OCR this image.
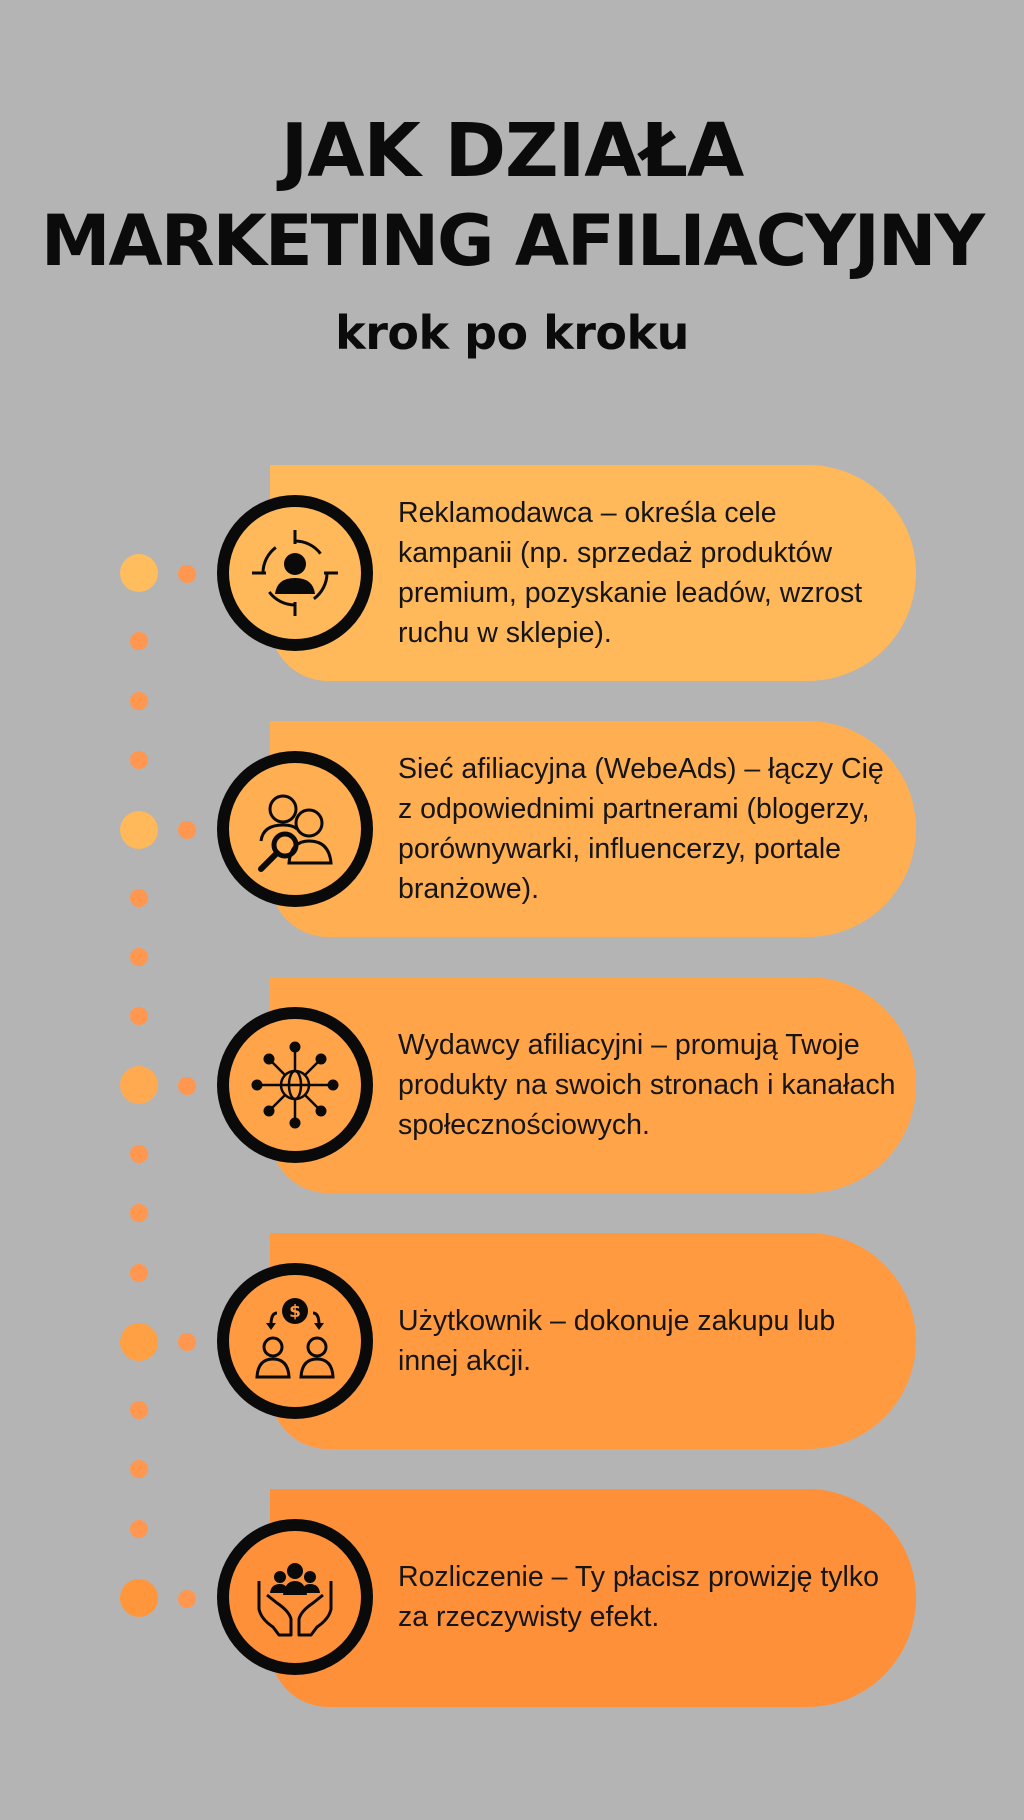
JAK DZIAŁA
MARKETING AFILIACYJNY
krok po kroku
Reklamodawca – określa cele kampanii (np. sprzedaż produktów premium, pozyskanie leadów, wzrost ruchu w sklepie).
Sieć afiliacyjna (WebeAds) – łączy Cię z odpowiednimi partnerami (blogerzy, porównywarki, influencerzy, portale branżowe).
Wydawcy afiliacyjni – promują Twoje produkty na swoich stronach i kanałach społecznościowych.
$	Użytkownik – dokonuje zakupu lub innej akcji.
Rozliczenie – Ty płacisz prowizję tylko za rzeczywisty efekt.
